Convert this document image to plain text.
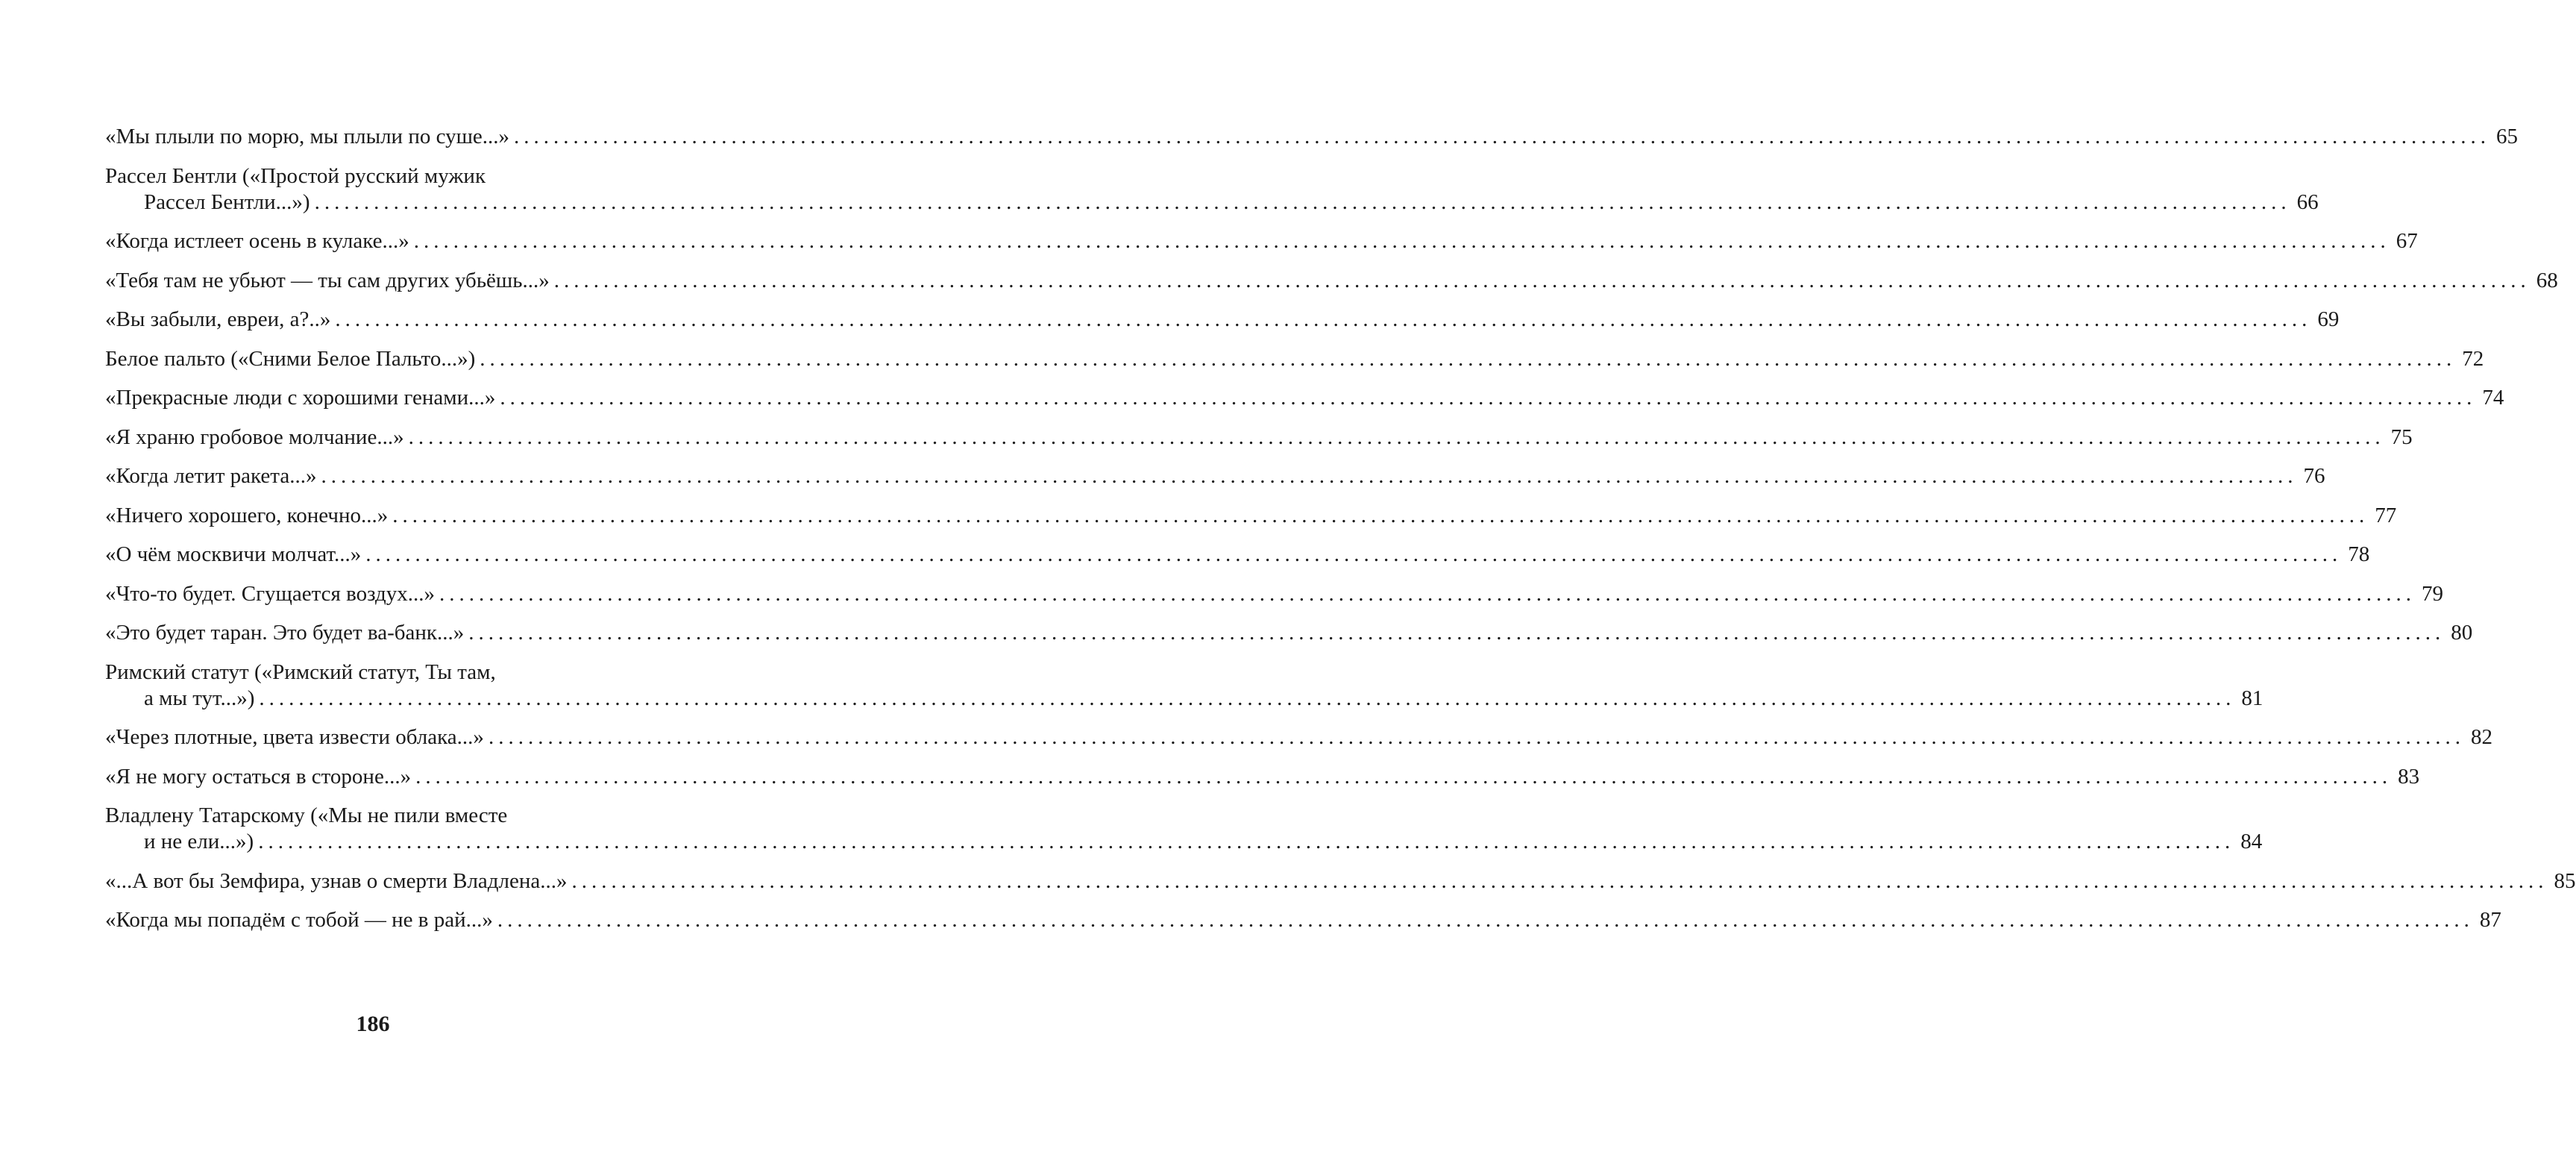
«Мы плыли по морю, мы плыли по суше...» ........................................................................................................................................................................................................ 65
Рассел Бентли («Простой русский мужик
Рассел Бентли...») ........................................................................................................................................................................................................ 66
«Когда истлеет осень в кулаке...» ........................................................................................................................................................................................................ 67
«Тебя там не убьют — ты сам других убьёшь...» ........................................................................................................................................................................................................ 68
«Вы забыли, евреи, а?..» ........................................................................................................................................................................................................ 69
Белое пальто («Сними Белое Пальто...») ........................................................................................................................................................................................................ 72
«Прекрасные люди с хорошими генами...» ........................................................................................................................................................................................................ 74
«Я храню гробовое молчание...» ........................................................................................................................................................................................................ 75
«Когда летит ракета...» ........................................................................................................................................................................................................ 76
«Ничего хорошего, конечно...» ........................................................................................................................................................................................................ 77
«О чём москвичи молчат...» ........................................................................................................................................................................................................ 78
«Что-то будет. Сгущается воздух...» ........................................................................................................................................................................................................ 79
«Это будет таран. Это будет ва-банк...» ........................................................................................................................................................................................................ 80
Римский статут («Римский статут, Ты там,
а мы тут...») ........................................................................................................................................................................................................ 81
«Через плотные, цвета извести облака...» ........................................................................................................................................................................................................ 82
«Я не могу остаться в стороне...» ........................................................................................................................................................................................................ 83
Владлену Татарскому («Мы не пили вместе
и не ели...») ........................................................................................................................................................................................................ 84
«...А вот бы Земфира, узнав о смерти Владлена...» ........................................................................................................................................................................................................ 85
«Когда мы попадём с тобой — не в рай...» ........................................................................................................................................................................................................ 87
186
